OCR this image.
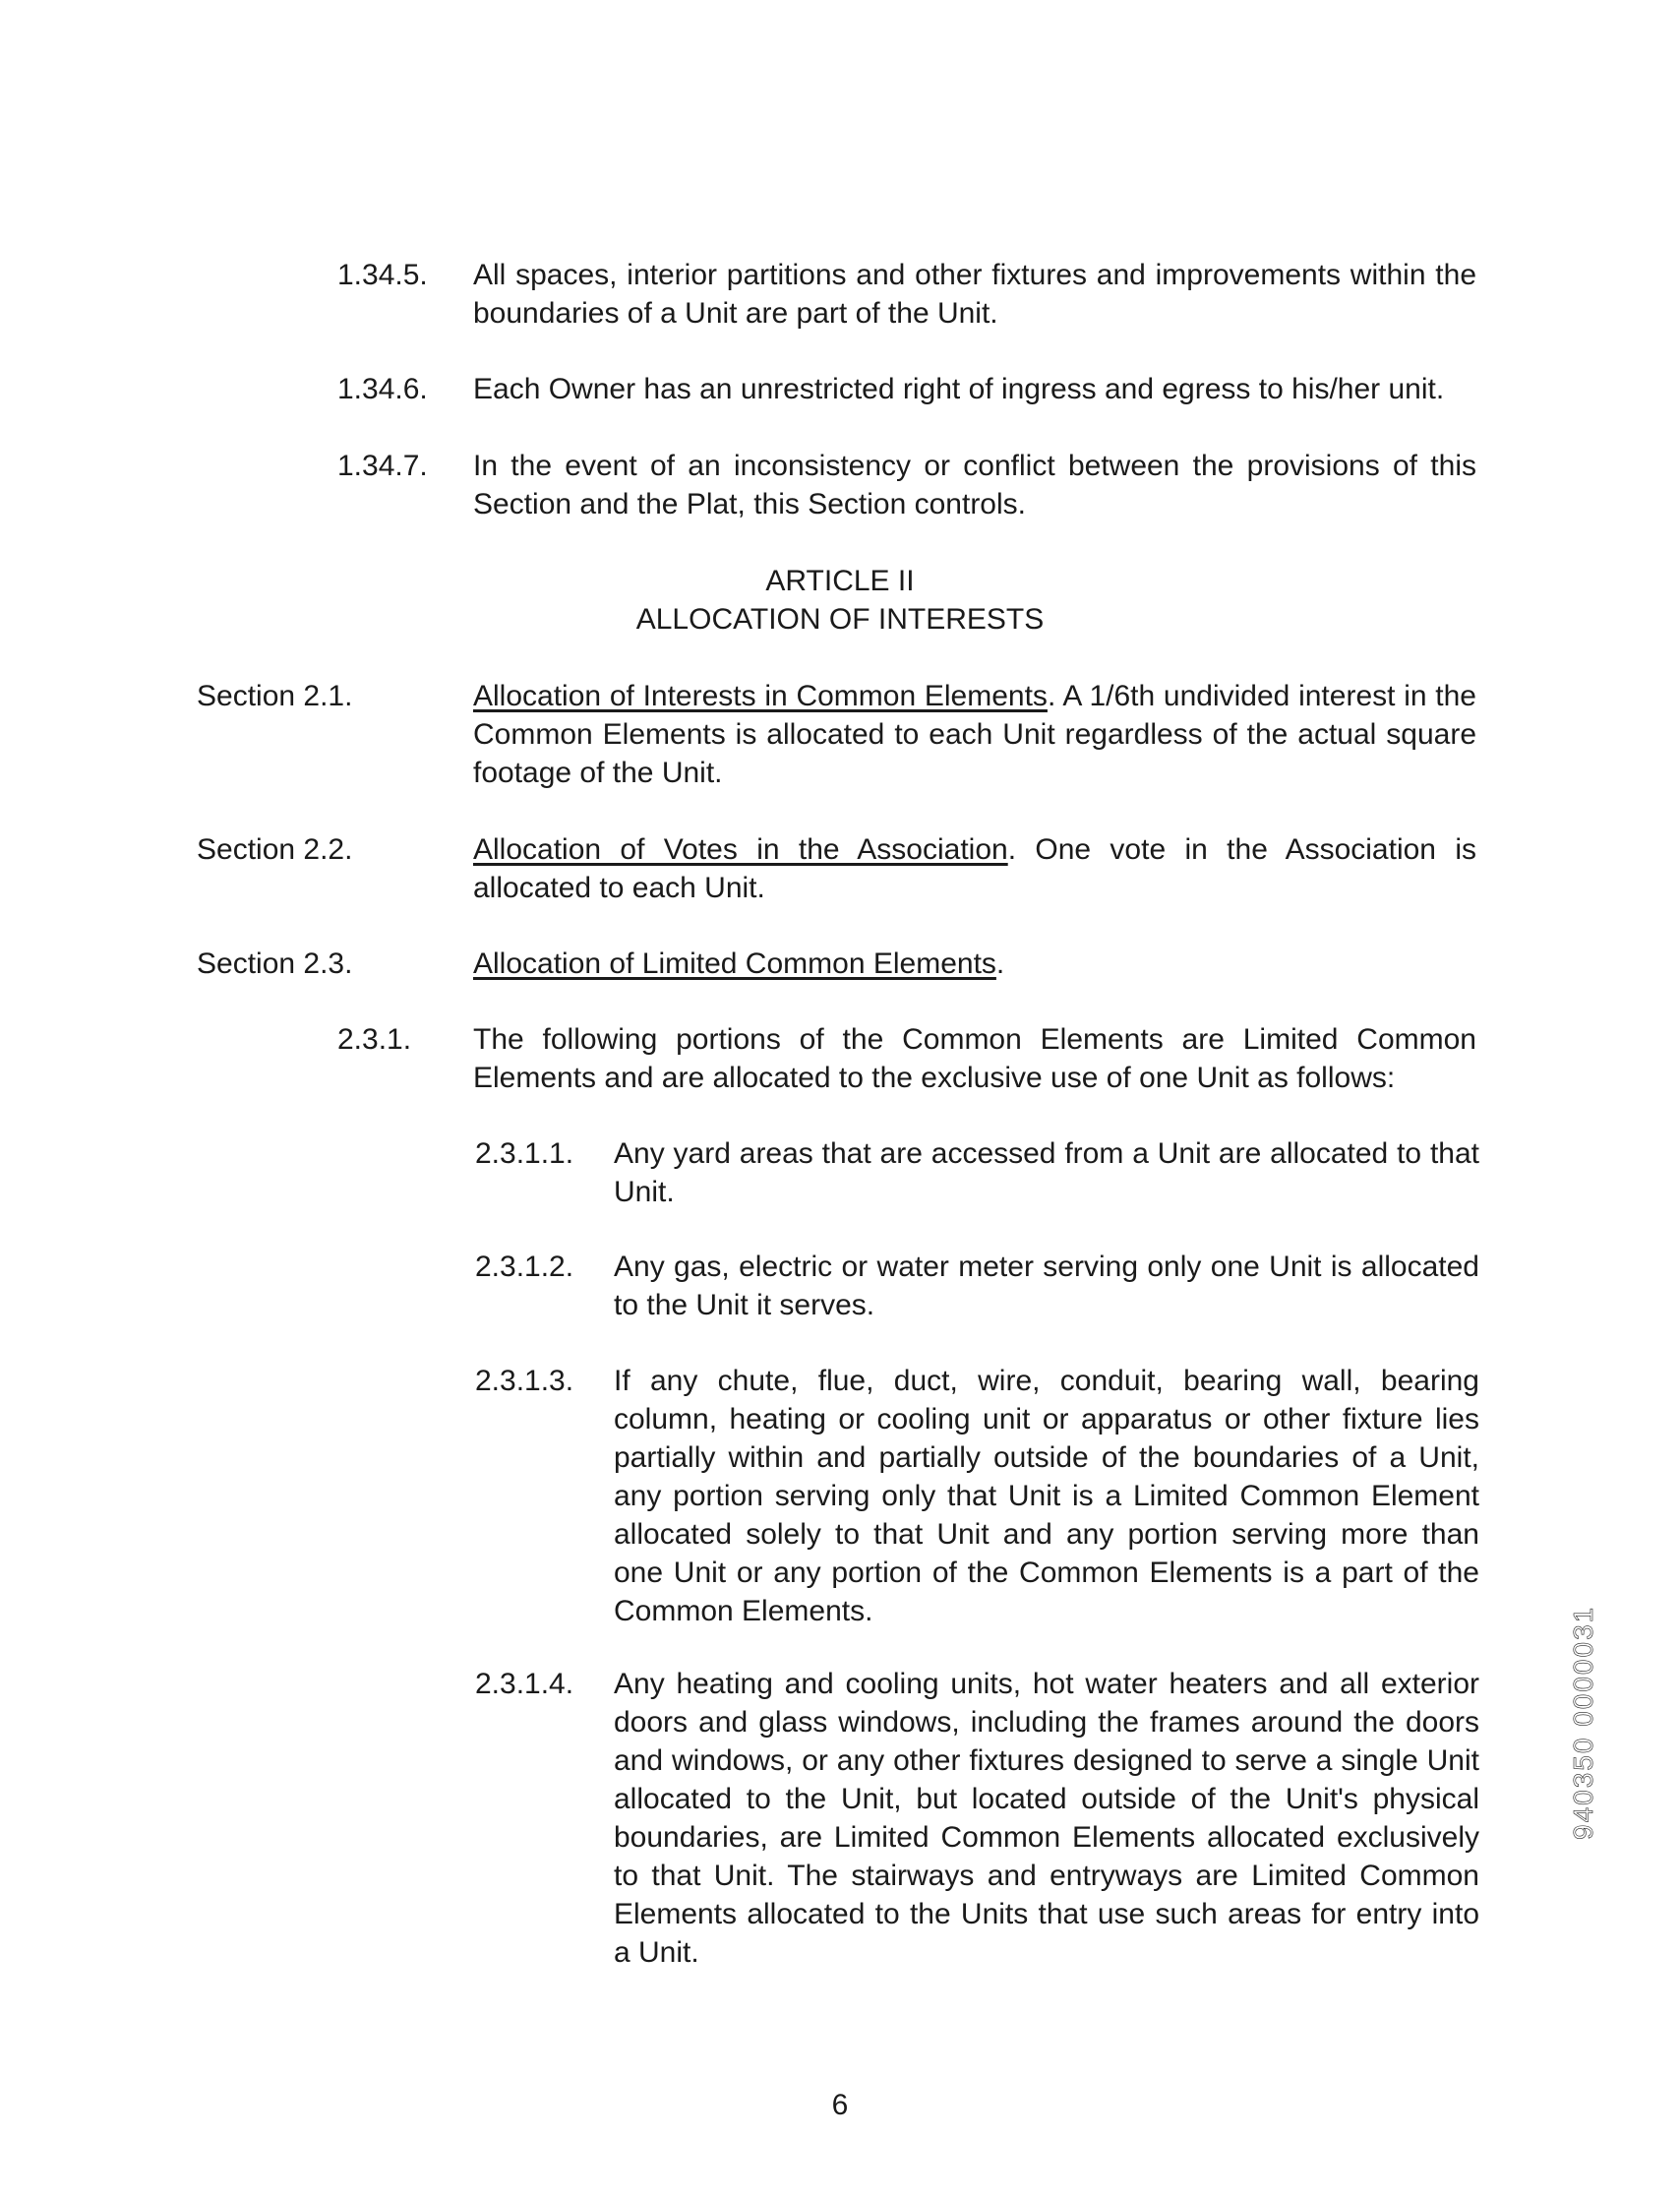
1.34.5. All spaces, interior partitions and other fixtures and improvements within the boundaries of a Unit are part of the Unit.
1.34.6. Each Owner has an unrestricted right of ingress and egress to his/her unit.
1.34.7. In the event of an inconsistency or conflict between the provisions of this Section and the Plat, this Section controls.
ARTICLE II
ALLOCATION OF INTERESTS
Section 2.1.	Allocation of Interests in Common Elements. A 1/6th undivided interest in the Common Elements is allocated to each Unit regardless of the actual square footage of the Unit.
Section 2.2.	Allocation of Votes in the Association. One vote in the Association is allocated to each Unit.
Section 2.3.	Allocation of Limited Common Elements.
2.3.1. The following portions of the Common Elements are Limited Common Elements and are allocated to the exclusive use of one Unit as follows:
2.3.1.1. Any yard areas that are accessed from a Unit are allocated to that Unit.
2.3.1.2. Any gas, electric or water meter serving only one Unit is allocated to the Unit it serves.
2.3.1.3. If any chute, flue, duct, wire, conduit, bearing wall, bearing column, heating or cooling unit or apparatus or other fixture lies partially within and partially outside of the boundaries of a Unit, any portion serving only that Unit is a Limited Common Element allocated solely to that Unit and any portion serving more than one Unit or any portion of the Common Elements is a part of the Common Elements.
2.3.1.4. Any heating and cooling units, hot water heaters and all exterior doors and glass windows, including the frames around the doors and windows, or any other fixtures designed to serve a single Unit allocated to the Unit, but located outside of the Unit's physical boundaries, are Limited Common Elements allocated exclusively to that Unit. The stairways and entryways are Limited Common Elements allocated to the Units that use such areas for entry into a Unit.
940350 0000031
6
